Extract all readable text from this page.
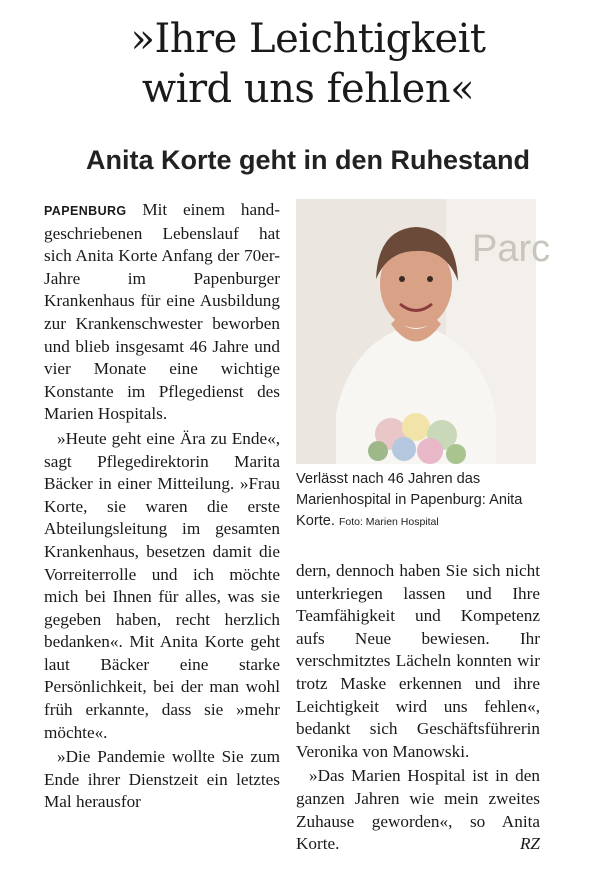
»Ihre Leichtigkeit
wird uns fehlen«
Anita Korte geht in den Ruhestand

PAPENBURG Mit einem handgeschriebenen Lebenslauf hat sich Anita Korte Anfang der 70er-Jahre im Papenburger Krankenhaus für eine Ausbildung zur Krankenschwester beworben und blieb insgesamt 46 Jahre und vier Monate eine wichtige Konstante im Pflegedienst des Marien Hospitals.

»Heute geht eine Ära zu Ende«, sagt Pflegedirektorin Marita Bäcker in einer Mitteilung. »Frau Korte, sie waren die erste Abteilungsleitung im gesamten Krankenhaus, besetzen damit die Vorreiterrolle und ich möchte mich bei Ihnen für alles, was sie gegeben haben, recht herzlich bedanken«. Mit Anita Korte geht laut Bäcker eine starke Persönlichkeit, bei der man wohl früh erkannte, dass sie »mehr möchte«.

»Die Pandemie wollte Sie zum Ende ihrer Dienstzeit ein letztes Mal herausfor

Parc
Verlässt nach 46 Jahren das Marienhospital in Papenburg: Anita Korte. Foto: Marien Hospital

dern, dennoch haben Sie sich nicht unterkriegen lassen und Ihre Teamfähigkeit und Kompetenz aufs Neue bewiesen. Ihr verschmitztes Lächeln konnten wir trotz Maske erkennen und ihre Leichtigkeit wird uns fehlen«, bedankt sich Geschäftsführerin Veronika von Manowski.

»Das Marien Hospital ist in den ganzen Jahren wie mein zweites Zuhause geworden«, so Anita Korte.	RZ
